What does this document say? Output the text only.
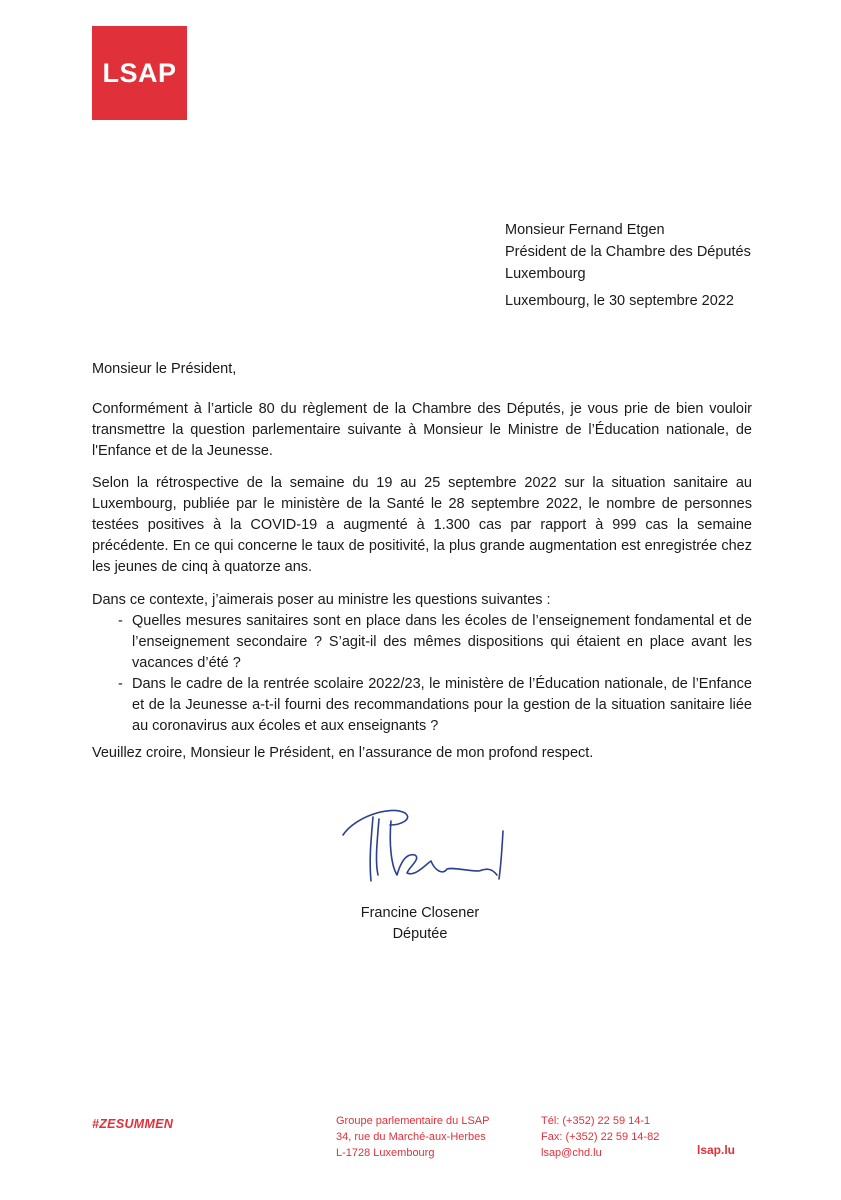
LSAP
Monsieur Fernand Etgen
Président de la Chambre des Députés
Luxembourg
Luxembourg, le 30 septembre 2022
Monsieur le Président,
Conformément à l’article 80 du règlement de la Chambre des Députés, je vous prie de bien vouloir transmettre la question parlementaire suivante à Monsieur le Ministre de l’Éducation nationale, de l'Enfance et de la Jeunesse.
Selon la rétrospective de la semaine du 19 au 25 septembre 2022 sur la situation sanitaire au Luxembourg, publiée par le ministère de la Santé le 28 septembre 2022, le nombre de personnes testées positives à la COVID-19 a augmenté à 1.300 cas par rapport à 999 cas la semaine précédente. En ce qui concerne le taux de positivité, la plus grande augmentation est enregistrée chez les jeunes de cinq à quatorze ans.
Dans ce contexte, j’aimerais poser au ministre les questions suivantes :
- Quelles mesures sanitaires sont en place dans les écoles de l’enseignement fondamental et de l’enseignement secondaire ? S’agit-il des mêmes dispositions qui étaient en place avant les vacances d’été ?
- Dans le cadre de la rentrée scolaire 2022/23, le ministère de l’Éducation nationale, de l’Enfance et de la Jeunesse a-t-il fourni des recommandations pour la gestion de la situation sanitaire liée au coronavirus aux écoles et aux enseignants ?
Veuillez croire, Monsieur le Président, en l’assurance de mon profond respect.
Francine Closener
Députée
#ZESUMMEN	Groupe parlementaire du LSAP
34, rue du Marché-aux-Herbes
L-1728 Luxembourg
Tél: (+352) 22 59 14-1
Fax: (+352) 22 59 14-82
lsap@chd.lu	lsap.lu
